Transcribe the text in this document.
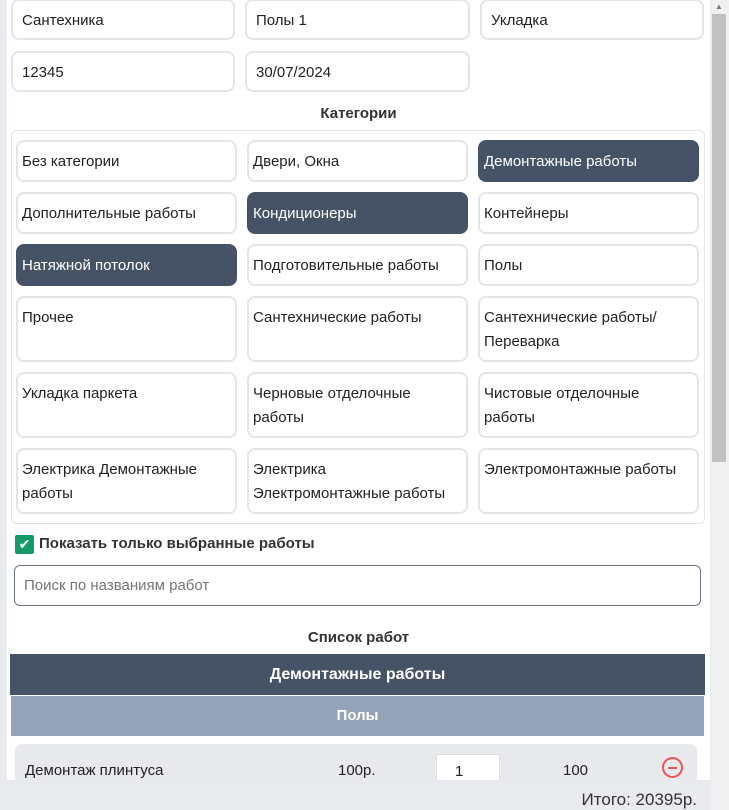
Сантехника	Полы 1	Укладка
12345	30/07/2024
Категории
Без категории	Двери, Окна	Демонтажные работы
Дополнительные работы	Кондиционеры	Контейнеры
Натяжной потолок	Подготовительные работы	Полы
Прочее	Сантехнические работы	Сантехнические работы/ Переварка
Укладка паркета	Черновые отделочные работы
Чистовые отделочные работы
Электрика Демонтажные работы
Электрика Электромонтажные работы
Электромонтажные работы
✔ Показать только выбранные работы
Поиск по названиям работ
Список работ
Демонтажные работы
Полы
Демонтаж плинтуса	100р.	1	100
Итого: 20395р.
▲
